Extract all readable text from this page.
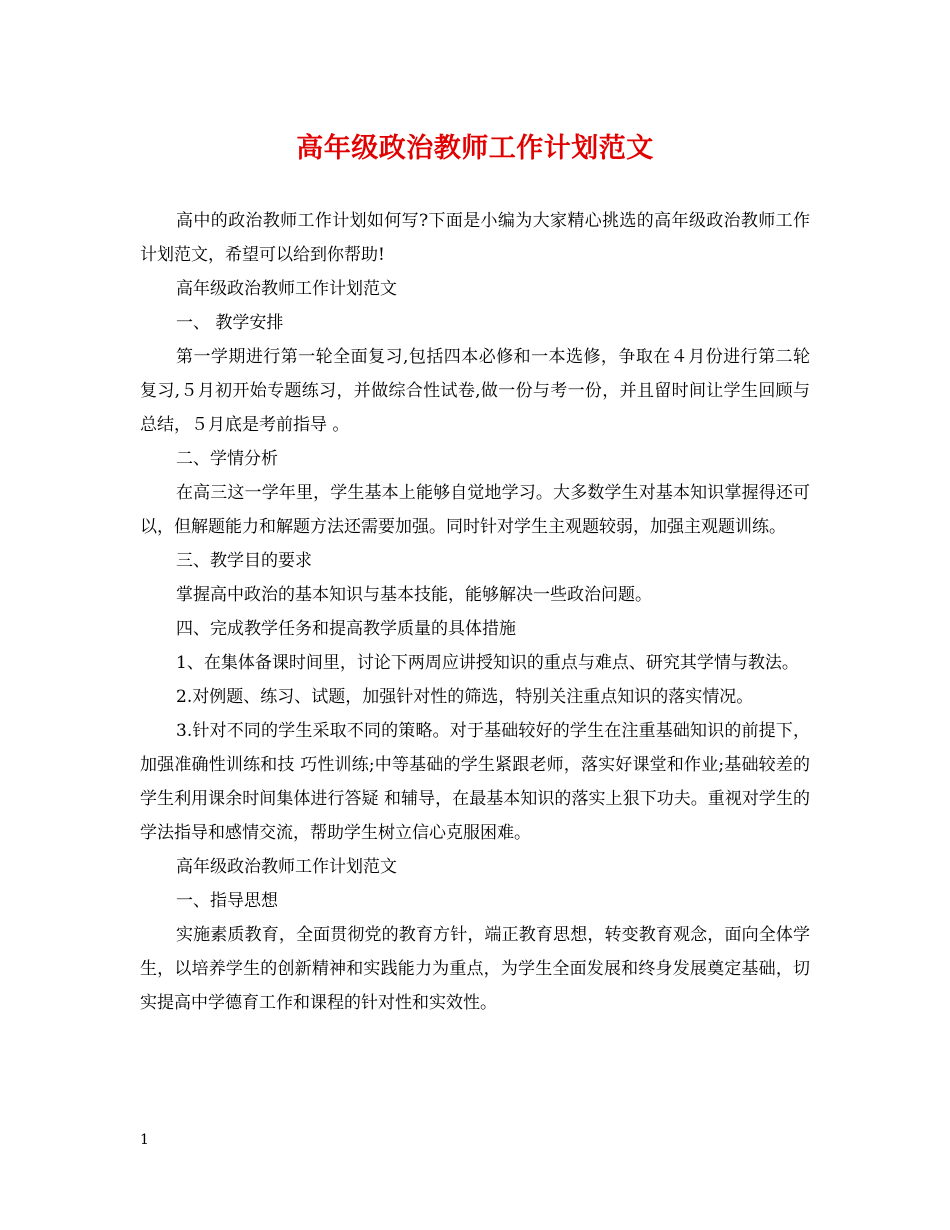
高年级政治教师工作计划范文

高中的政治教师工作计划如何写?下面是小编为大家精心挑选的高年级政治教师工作计划范文，希望可以给到你帮助!

高年级政治教师工作计划范文

一、 教学安排

第一学期进行第一轮全面复习,包括四本必修和一本选修，争取在４月份进行第二轮复习,５月初开始专题练习，并做综合性试卷,做一份与考一份，并且留时间让学生回顾与总结，５月底是考前指导 。

二、学情分析

在高三这一学年里，学生基本上能够自觉地学习。大多数学生对基本知识掌握得还可以，但解题能力和解题方法还需要加强。同时针对学生主观题较弱，加强主观题训练。

三、教学目的要求

掌握高中政治的基本知识与基本技能，能够解决一些政治问题。

四、完成教学任务和提高教学质量的具体措施

1、在集体备课时间里，讨论下两周应讲授知识的重点与难点、研究其学情与教法。

2.对例题、练习、试题，加强针对性的筛选，特别关注重点知识的落实情况。

3.针对不同的学生采取不同的策略。对于基础较好的学生在注重基础知识的前提下，加强准确性训练和技 巧性训练;中等基础的学生紧跟老师，落实好课堂和作业;基础较差的学生利用课余时间集体进行答疑 和辅导，在最基本知识的落实上狠下功夫。重视对学生的学法指导和感情交流，帮助学生树立信心克服困难。

高年级政治教师工作计划范文

一、指导思想

实施素质教育，全面贯彻党的教育方针，端正教育思想，转变教育观念，面向全体学生，以培养学生的创新精神和实践能力为重点，为学生全面发展和终身发展奠定基础，切实提高中学德育工作和课程的针对性和实效性。

1
